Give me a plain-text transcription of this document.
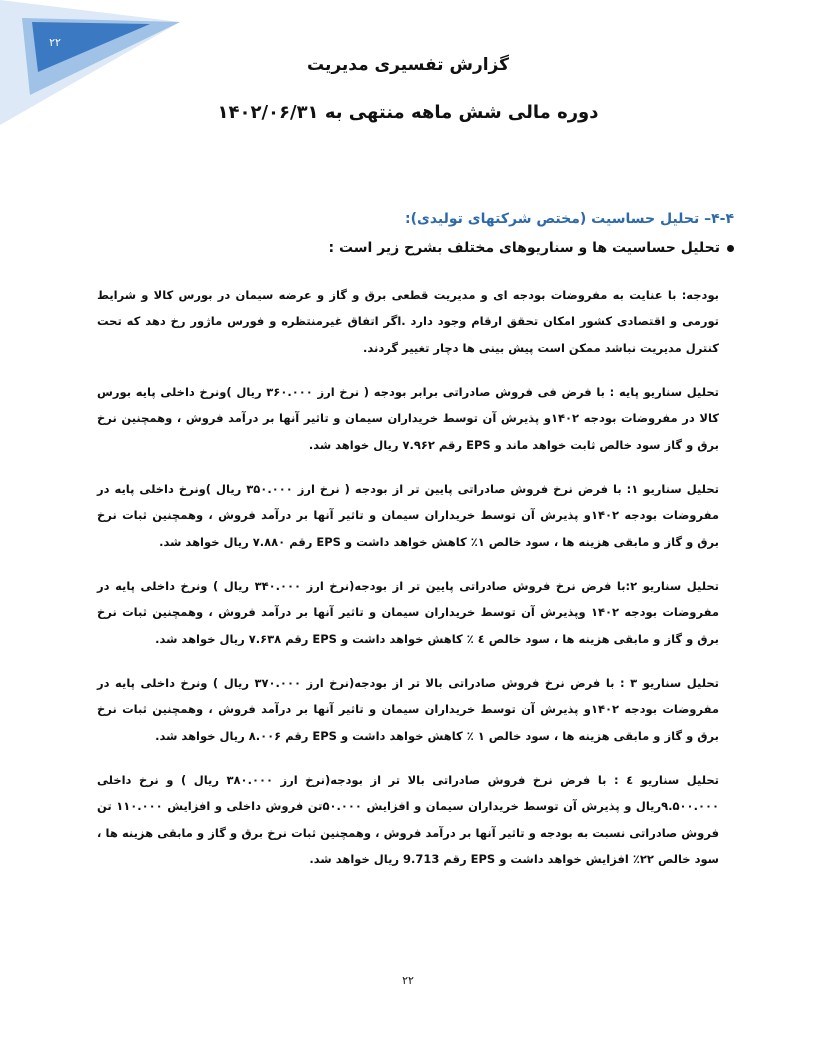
۲۲
گزارش تفسیری مدیریت
دوره مالی شش ماهه منتهی به ۱۴۰۲/۰۶/۳۱
۴-۴– تحلیل حساسیت (مختص شرکتهای تولیدی):
تحلیل حساسیت ها و سناریوهای مختلف بشرح زیر است :

بودجه: با عنایت به مفروضات بودجه ای و مدیریت قطعی برق و گاز و عرضه سیمان در بورس کالا و شرایط تورمی و اقتصادی کشور امکان تحقق ارقام وجود دارد .اگر اتفاق غیرمنتظره و فورس ماژور رخ دهد که تحت کنترل مدیریت نباشد ممکن است پیش بینی ها دچار تغییر گردند.

تحلیل سناریو پایه : با فرض فی فروش صادراتی برابر بودجه ( نرخ ارز ۳۶۰.۰۰۰ ریال )ونرخ داخلی پایه بورس کالا در مفروضات بودجه ۱۴۰۲و پذیرش آن توسط خریداران سیمان و تاثیر آنها بر درآمد فروش ، وهمچنین نرخ برق و گاز سود خالص ثابت خواهد ماند و EPS رقم ۷.۹۶۲ ریال خواهد شد.

تحلیل سناریو ۱: با فرض نرخ فروش صادراتی پایین تر از بودجه ( نرخ ارز ۳۵۰.۰۰۰ ریال )ونرخ داخلی پایه در مفروضات بودجه ۱۴۰۲و پذیرش آن توسط خریداران سیمان و تاثیر آنها بر درآمد فروش ، وهمچنین ثبات نرخ برق و گاز و مابقی هزینه ها ، سود خالص ۱٪ کاهش خواهد داشت و EPS رقم ۷.۸۸۰ ریال خواهد شد.

تحلیل سناریو ۲:با فرض نرخ فروش صادراتی پایین تر از بودجه(نرخ ارز ۳۴۰.۰۰۰ ریال ) ونرخ داخلی پایه در مفروضات بودجه ۱۴۰۲ وپذیرش آن توسط خریداران سیمان و تاثیر آنها بر درآمد فروش ، وهمچنین ثبات نرخ برق و گاز و مابقی هزینه ها ، سود خالص ٤ ٪ کاهش خواهد داشت و EPS رقم ۷.۶۳۸ ریال خواهد شد.

تحلیل سناریو ۳ : با فرض نرخ فروش صادراتی بالا تر از بودجه(نرخ ارز ۳۷۰.۰۰۰ ریال ) ونرخ داخلی پایه در مفروضات بودجه ۱۴۰۲و پذیرش آن توسط خریداران سیمان و تاثیر آنها بر درآمد فروش ، وهمچنین ثبات نرخ برق و گاز و مابقی هزینه ها ، سود خالص ۱ ٪ کاهش خواهد داشت و EPS رقم ۸.۰۰۶ ریال خواهد شد.

تحلیل سناریو ٤ : با فرض نرخ فروش صادراتی بالا تر از بودجه(نرخ ارز ۳۸۰.۰۰۰ ریال ) و نرخ داخلی ۹.۵۰۰.۰۰۰ریال و پذیرش آن توسط خریداران سیمان و افزایش ۵۰.۰۰۰تن فروش داخلی و افزایش ۱۱۰.۰۰۰ تن فروش صادراتی نسبت به بودجه و تاثیر آنها بر درآمد فروش ، وهمچنین ثبات نرخ برق و گاز و مابقی هزینه ها ، سود خالص ۲۲٪ افزایش خواهد داشت و EPS رقم 9.713 ریال خواهد شد.

۲۲
